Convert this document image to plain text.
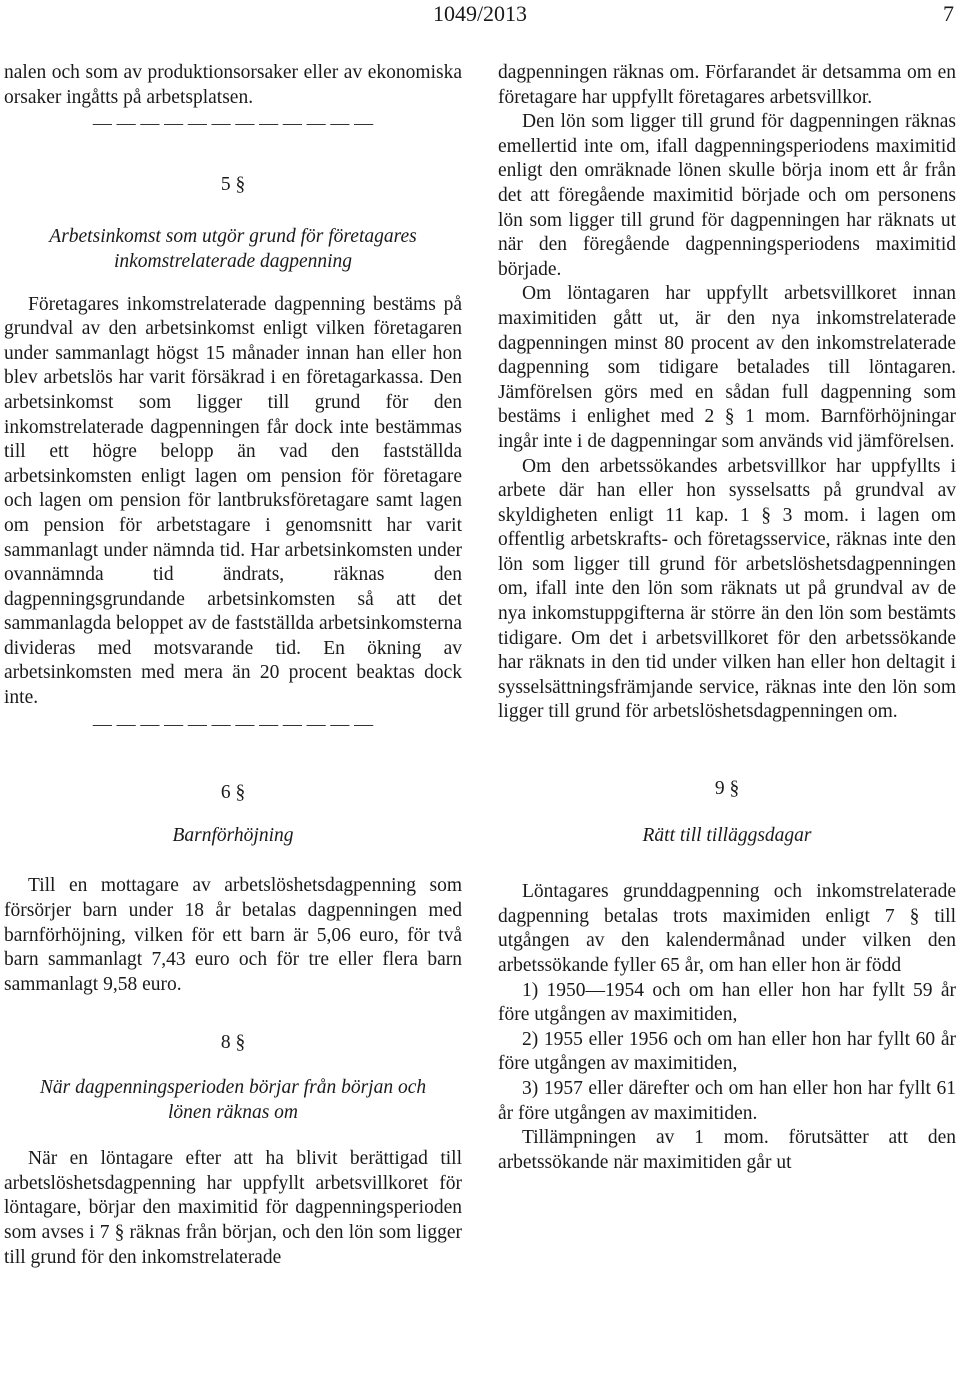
1049/2013	7

nalen och som av produktionsorsaker eller av ekonomiska orsaker ingåtts på arbetsplatsen.

— — — — — — — — — — — —
5 §
Arbetsinkomst som utgör grund för företagares inkomstrelaterade dagpenning

Företagares inkomstrelaterade dagpenning bestäms på grundval av den arbetsinkomst enligt vilken företagaren under sammanlagt högst 15 månader innan han eller hon blev arbetslös har varit försäkrad i en företagarkassa. Den arbetsinkomst som ligger till grund för den inkomstrelaterade dagpenningen får dock inte bestämmas till ett högre belopp än vad den fastställda arbetsinkomsten enligt lagen om pension för företagare och lagen om pension för lantbruksföretagare samt lagen om pension för arbetstagare i genomsnitt har varit sammanlagt under nämnda tid. Har arbetsinkomsten under ovannämnda tid ändrats, räknas den dagpenningsgrundande arbetsinkomsten så att det sammanlagda beloppet av de fastställda arbetsinkomsterna divideras med motsvarande tid. En ökning av arbetsinkomsten med mera än 20 procent beaktas dock inte.

— — — — — — — — — — — —
6 §
Barnförhöjning

Till en mottagare av arbetslöshetsdagpenning som försörjer barn under 18 år betalas dagpenningen med barnförhöjning, vilken för ett barn är 5,06 euro, för två barn sammanlagt 7,43 euro och för tre eller flera barn sammanlagt 9,58 euro.

8 §
När dagpenningsperioden börjar från början och lönen räknas om

När en löntagare efter att ha blivit berättigad till arbetslöshetsdagpenning har uppfyllt arbetsvillkoret för löntagare, börjar den maximitid för dagpenningsperioden som avses i 7 § räknas från början, och den lön som ligger till grund för den inkomstrelaterade

dagpenningen räknas om. Förfarandet är detsamma om en företagare har uppfyllt företagares arbetsvillkor.

Den lön som ligger till grund för dagpenningen räknas emellertid inte om, ifall dagpenningsperiodens maximitid enligt den omräknade lönen skulle börja inom ett år från det att föregående maximitid började och om personens lön som ligger till grund för dagpenningen har räknats ut när den föregående dagpenningsperiodens maximitid började.

Om löntagaren har uppfyllt arbetsvillkoret innan maximitiden gått ut, är den nya inkomstrelaterade dagpenningen minst 80 procent av den inkomstrelaterade dagpenning som tidigare betalades till löntagaren. Jämförelsen görs med en sådan full dagpenning som bestäms i enlighet med 2 § 1 mom. Barnförhöjningar ingår inte i de dagpenningar som används vid jämförelsen.

Om den arbetssökandes arbetsvillkor har uppfyllts i arbete där han eller hon sysselsatts på grundval av skyldigheten enligt 11 kap. 1 § 3 mom. i lagen om offentlig arbetskrafts- och företagsservice, räknas inte den lön som ligger till grund för arbetslöshetsdagpenningen om, ifall inte den lön som räknats ut på grundval av de nya inkomstuppgifterna är större än den lön som bestämts tidigare. Om det i arbetsvillkoret för den arbetssökande har räknats in den tid under vilken han eller hon deltagit i sysselsättningsfrämjande service, räknas inte den lön som ligger till grund för arbetslöshetsdagpenningen om.

9 §
Rätt till tilläggsdagar

Löntagares grunddagpenning och inkomstrelaterade dagpenning betalas trots maximiden enligt 7 § till utgången av den kalendermånad under vilken den arbetssökande fyller 65 år, om han eller hon är född

1) 1950—1954 och om han eller hon har fyllt 59 år före utgången av maximitiden,

2) 1955 eller 1956 och om han eller hon har fyllt 60 år före utgången av maximitiden,

3) 1957 eller därefter och om han eller hon har fyllt 61 år före utgången av maximitiden.

Tillämpningen av 1 mom. förutsätter att den arbetssökande när maximitiden går ut
